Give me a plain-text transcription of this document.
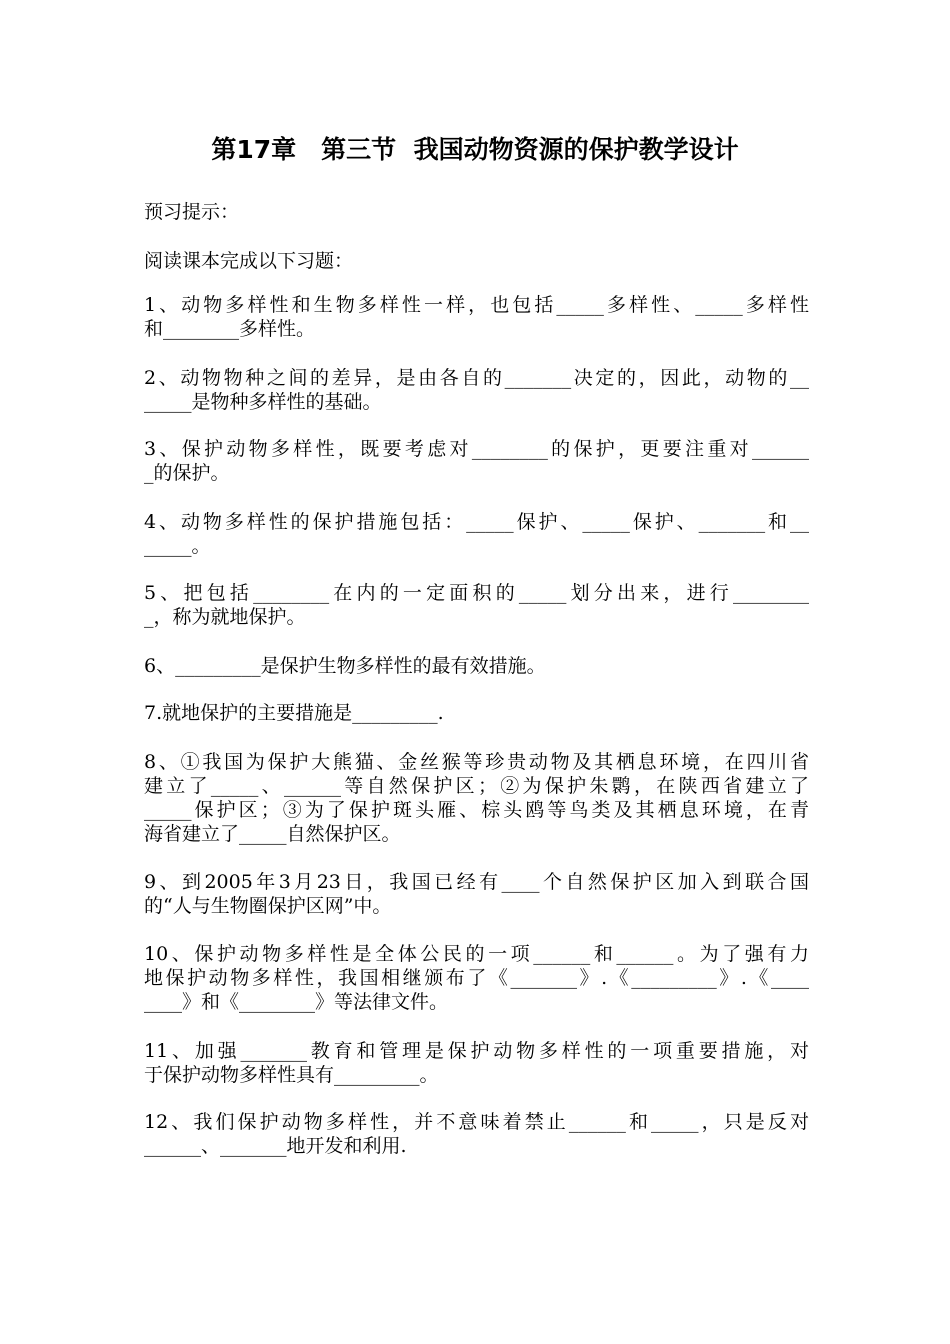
第17章　第三节  我国动物资源的保护教学设计
预习提示：
阅读课本完成以下习题：
1、动物多样性和生物多样性一样，也包括_____多样性、_____多样性
和________多样性。
2、动物物种之间的差异，是由各自的_______决定的，因此，动物的__
_____是物种多样性的基础。
3、保护动物多样性，既要考虑对________的保护，更要注重对______
_的保护。
4、动物多样性的保护措施包括：_____保护、_____保护、_______和__
_____。
5、把包括________在内的一定面积的_____划分出来，进行________
_，称为就地保护。
6、_________是保护生物多样性的最有效措施。
7.就地保护的主要措施是_________.
8、①我国为保护大熊猫、金丝猴等珍贵动物及其栖息环境，在四川省
建立了_____、______等自然保护区；②为保护朱鹮，在陕西省建立了
_____保护区；③为了保护斑头雁、棕头鸥等鸟类及其栖息环境，在青
海省建立了_____自然保护区。
9、到2005年3月23日，我国已经有____个自然保护区加入到联合国
的“人与生物圈保护区网”中。
10、保护动物多样性是全体公民的一项______和______。为了强有力
地保护动物多样性，我国相继颁布了《_______》.《_________》.《____
____》和《________》等法律文件。
11、加强_______教育和管理是保护动物多样性的一项重要措施，对
于保护动物多样性具有_________。
12、我们保护动物多样性，并不意味着禁止______和_____，只是反对
______、_______地开发和利用.
